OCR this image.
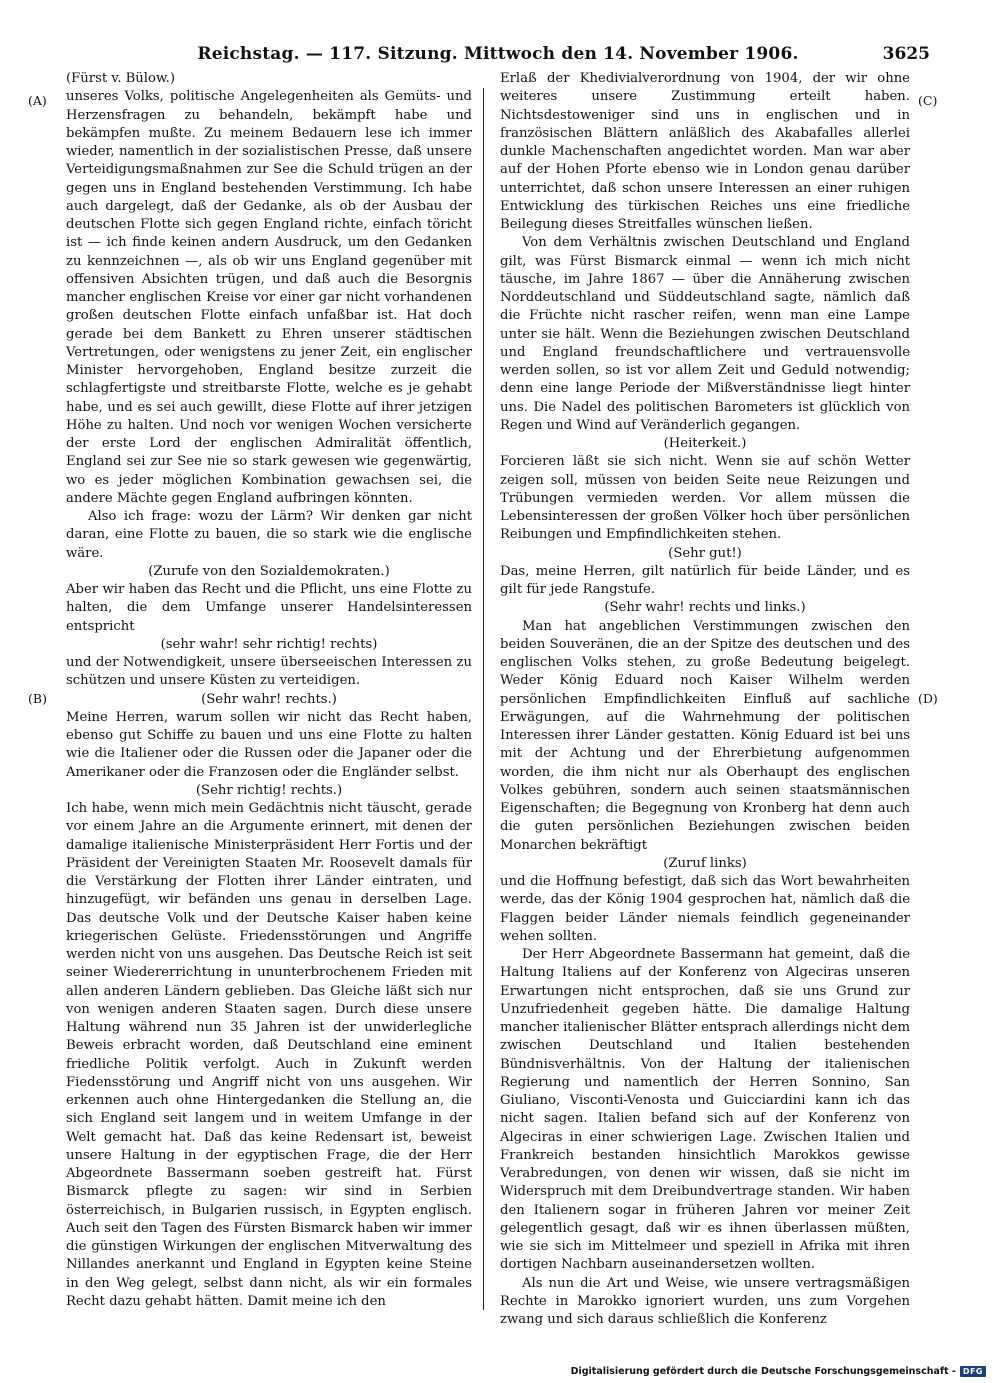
Reichstag. — 117. Sitzung. Mittwoch den 14. November 1906.	3625
(A)
(B)
(C)
(D)

(Fürst v. Bülow.)

unseres Volks, politische Angelegenheiten als Gemüts- und Herzensfragen zu behandeln, bekämpft habe und bekämpfen mußte. Zu meinem Bedauern lese ich immer wieder, namentlich in der sozialistischen Presse, daß unsere Verteidigungsmaßnahmen zur See die Schuld trügen an der gegen uns in England bestehenden Verstimmung. Ich habe auch dargelegt, daß der Gedanke, als ob der Ausbau der deutschen Flotte sich gegen England richte, einfach töricht ist — ich finde keinen andern Ausdruck, um den Gedanken zu kennzeichnen —, als ob wir uns England gegenüber mit offensiven Absichten trügen, und daß auch die Besorgnis mancher englischen Kreise vor einer gar nicht vorhandenen großen deutschen Flotte einfach unfaßbar ist. Hat doch gerade bei dem Bankett zu Ehren unserer städtischen Vertretungen, oder wenigstens zu jener Zeit, ein englischer Minister hervorgehoben, England besitze zurzeit die schlagfertigste und streitbarste Flotte, welche es je gehabt habe, und es sei auch gewillt, diese Flotte auf ihrer jetzigen Höhe zu halten. Und noch vor wenigen Wochen versicherte der erste Lord der englischen Admiralität öffentlich, England sei zur See nie so stark gewesen wie gegenwärtig, wo es jeder möglichen Kombination gewachsen sei, die andere Mächte gegen England aufbringen könnten.

Also ich frage: wozu der Lärm? Wir denken gar nicht daran, eine Flotte zu bauen, die so stark wie die englische wäre.

(Zurufe von den Sozialdemokraten.)

Aber wir haben das Recht und die Pflicht, uns eine Flotte zu halten, die dem Umfange unserer Handelsinteressen entspricht

(sehr wahr! sehr richtig! rechts)

und der Notwendigkeit, unsere überseeischen Interessen zu schützen und unsere Küsten zu verteidigen.

(Sehr wahr! rechts.)

Meine Herren, warum sollen wir nicht das Recht haben, ebenso gut Schiffe zu bauen und uns eine Flotte zu halten wie die Italiener oder die Russen oder die Japaner oder die Amerikaner oder die Franzosen oder die Engländer selbst.

(Sehr richtig! rechts.)

Ich habe, wenn mich mein Gedächtnis nicht täuscht, gerade vor einem Jahre an die Argumente erinnert, mit denen der damalige italienische Ministerpräsident Herr Fortis und der Präsident der Vereinigten Staaten Mr. Roosevelt damals für die Verstärkung der Flotten ihrer Länder eintraten, und hinzugefügt, wir befänden uns genau in derselben Lage. Das deutsche Volk und der Deutsche Kaiser haben keine kriegerischen Gelüste. Friedensstörungen und Angriffe werden nicht von uns ausgehen. Das Deutsche Reich ist seit seiner Wiedererrichtung in ununterbrochenem Frieden mit allen anderen Ländern geblieben. Das Gleiche läßt sich nur von wenigen anderen Staaten sagen. Durch diese unsere Haltung während nun 35 Jahren ist der unwiderlegliche Beweis erbracht worden, daß Deutschland eine eminent friedliche Politik verfolgt. Auch in Zukunft werden Fiedensstörung und Angriff nicht von uns ausgehen. Wir erkennen auch ohne Hintergedanken die Stellung an, die sich England seit langem und in weitem Umfange in der Welt gemacht hat. Daß das keine Redensart ist, beweist unsere Haltung in der egyptischen Frage, die der Herr Abgeordnete Bassermann soeben gestreift hat. Fürst Bismarck pflegte zu sagen: wir sind in Serbien österreichisch, in Bulgarien russisch, in Egypten englisch. Auch seit den Tagen des Fürsten Bismarck haben wir immer die günstigen Wirkungen der englischen Mitverwaltung des Nillandes anerkannt und England in Egypten keine Steine in den Weg gelegt, selbst dann nicht, als wir ein formales Recht dazu gehabt hätten. Damit meine ich den

Erlaß der Khedivialverordnung von 1904, der wir ohne weiteres unsere Zustimmung erteilt haben. Nichtsdestoweniger sind uns in englischen und in französischen Blättern anläßlich des Akabafalles allerlei dunkle Machenschaften angedichtet worden. Man war aber auf der Hohen Pforte ebenso wie in London genau darüber unterrichtet, daß schon unsere Interessen an einer ruhigen Entwicklung des türkischen Reiches uns eine friedliche Beilegung dieses Streitfalles wünschen ließen.

Von dem Verhältnis zwischen Deutschland und England gilt, was Fürst Bismarck einmal — wenn ich mich nicht täusche, im Jahre 1867 — über die Annäherung zwischen Norddeutschland und Süddeutschland sagte, nämlich daß die Früchte nicht rascher reifen, wenn man eine Lampe unter sie hält. Wenn die Beziehungen zwischen Deutschland und England freundschaftlichere und vertrauensvolle werden sollen, so ist vor allem Zeit und Geduld notwendig; denn eine lange Periode der Mißverständnisse liegt hinter uns. Die Nadel des politischen Barometers ist glücklich von Regen und Wind auf Veränderlich gegangen.

(Heiterkeit.)

Forcieren läßt sie sich nicht. Wenn sie auf schön Wetter zeigen soll, müssen von beiden Seite neue Reizungen und Trübungen vermieden werden. Vor allem müssen die Lebensinteressen der großen Völker hoch über persönlichen Reibungen und Empfindlichkeiten stehen.

(Sehr gut!)

Das, meine Herren, gilt natürlich für beide Länder, und es gilt für jede Rangstufe.

(Sehr wahr! rechts und links.)

Man hat angeblichen Verstimmungen zwischen den beiden Souveränen, die an der Spitze des deutschen und des englischen Volks stehen, zu große Bedeutung beigelegt. Weder König Eduard noch Kaiser Wilhelm werden persönlichen Empfindlichkeiten Einfluß auf sachliche Erwägungen, auf die Wahrnehmung der politischen Interessen ihrer Länder gestatten. König Eduard ist bei uns mit der Achtung und der Ehrerbietung aufgenommen worden, die ihm nicht nur als Oberhaupt des englischen Volkes gebühren, sondern auch seinen staatsmännischen Eigenschaften; die Begegnung von Kronberg hat denn auch die guten persönlichen Beziehungen zwischen beiden Monarchen bekräftigt

(Zuruf links)

und die Hoffnung befestigt, daß sich das Wort bewahrheiten werde, das der König 1904 gesprochen hat, nämlich daß die Flaggen beider Länder niemals feindlich gegeneinander wehen sollten.

Der Herr Abgeordnete Bassermann hat gemeint, daß die Haltung Italiens auf der Konferenz von Algeciras unseren Erwartungen nicht entsprochen, daß sie uns Grund zur Unzufriedenheit gegeben hätte. Die damalige Haltung mancher italienischer Blätter entsprach allerdings nicht dem zwischen Deutschland und Italien bestehenden Bündnisverhältnis. Von der Haltung der italienischen Regierung und namentlich der Herren Sonnino, San Giuliano, Visconti-Venosta und Guicciardini kann ich das nicht sagen. Italien befand sich auf der Konferenz von Algeciras in einer schwierigen Lage. Zwischen Italien und Frankreich bestanden hinsichtlich Marokkos gewisse Verabredungen, von denen wir wissen, daß sie nicht im Widerspruch mit dem Dreibundvertrage standen. Wir haben den Italienern sogar in früheren Jahren vor meiner Zeit gelegentlich gesagt, daß wir es ihnen überlassen müßten, wie sie sich im Mittelmeer und speziell in Afrika mit ihren dortigen Nachbarn auseinandersetzen wollten.

Als nun die Art und Weise, wie unsere vertragsmäßigen Rechte in Marokko ignoriert wurden, uns zum Vorgehen zwang und sich daraus schließlich die Konferenz

Digitalisierung gefördert durch die Deutsche Forschungsgemeinschaft - DFG
